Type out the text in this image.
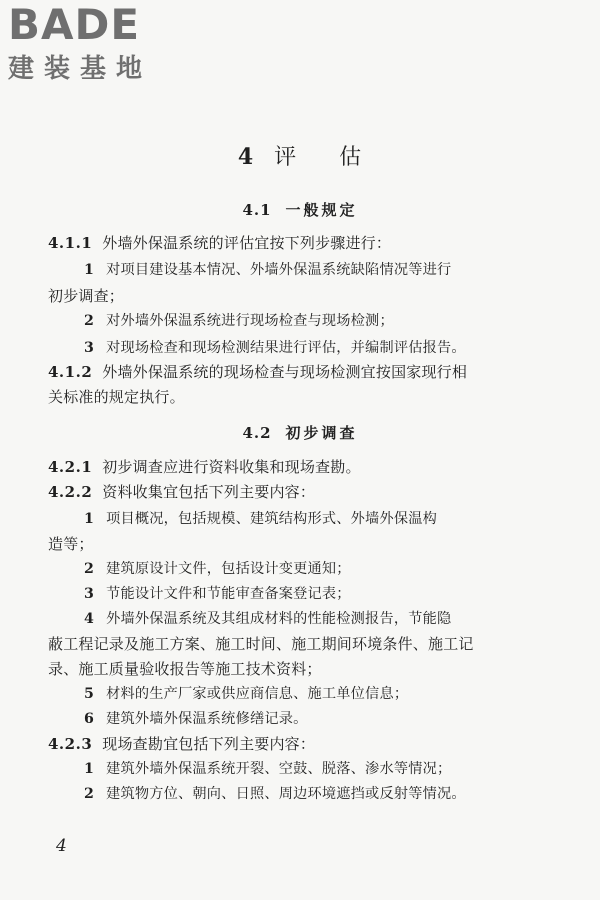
BADE
建装基地
4 评 估
4.1 一般规定
4.1.1 外墙外保温系统的评估宜按下列步骤进行：
1 对项目建设基本情况、外墙外保温系统缺陷情况等进行
初步调查；
2 对外墙外保温系统进行现场检查与现场检测；
3 对现场检查和现场检测结果进行评估，并编制评估报告。
4.1.2 外墙外保温系统的现场检查与现场检测宜按国家现行相
关标准的规定执行。
4.2 初步调查
4.2.1 初步调查应进行资料收集和现场查勘。
4.2.2 资料收集宜包括下列主要内容：
1 项目概况，包括规模、建筑结构形式、外墙外保温构
造等；
2 建筑原设计文件，包括设计变更通知；
3 节能设计文件和节能审查备案登记表；
4 外墙外保温系统及其组成材料的性能检测报告，节能隐
蔽工程记录及施工方案、施工时间、施工期间环境条件、施工记
录、施工质量验收报告等施工技术资料；
5 材料的生产厂家或供应商信息、施工单位信息；
6 建筑外墙外保温系统修缮记录。
4.2.3 现场查勘宜包括下列主要内容：
1 建筑外墙外保温系统开裂、空鼓、脱落、渗水等情况；
2 建筑物方位、朝向、日照、周边环境遮挡或反射等情况。
4
